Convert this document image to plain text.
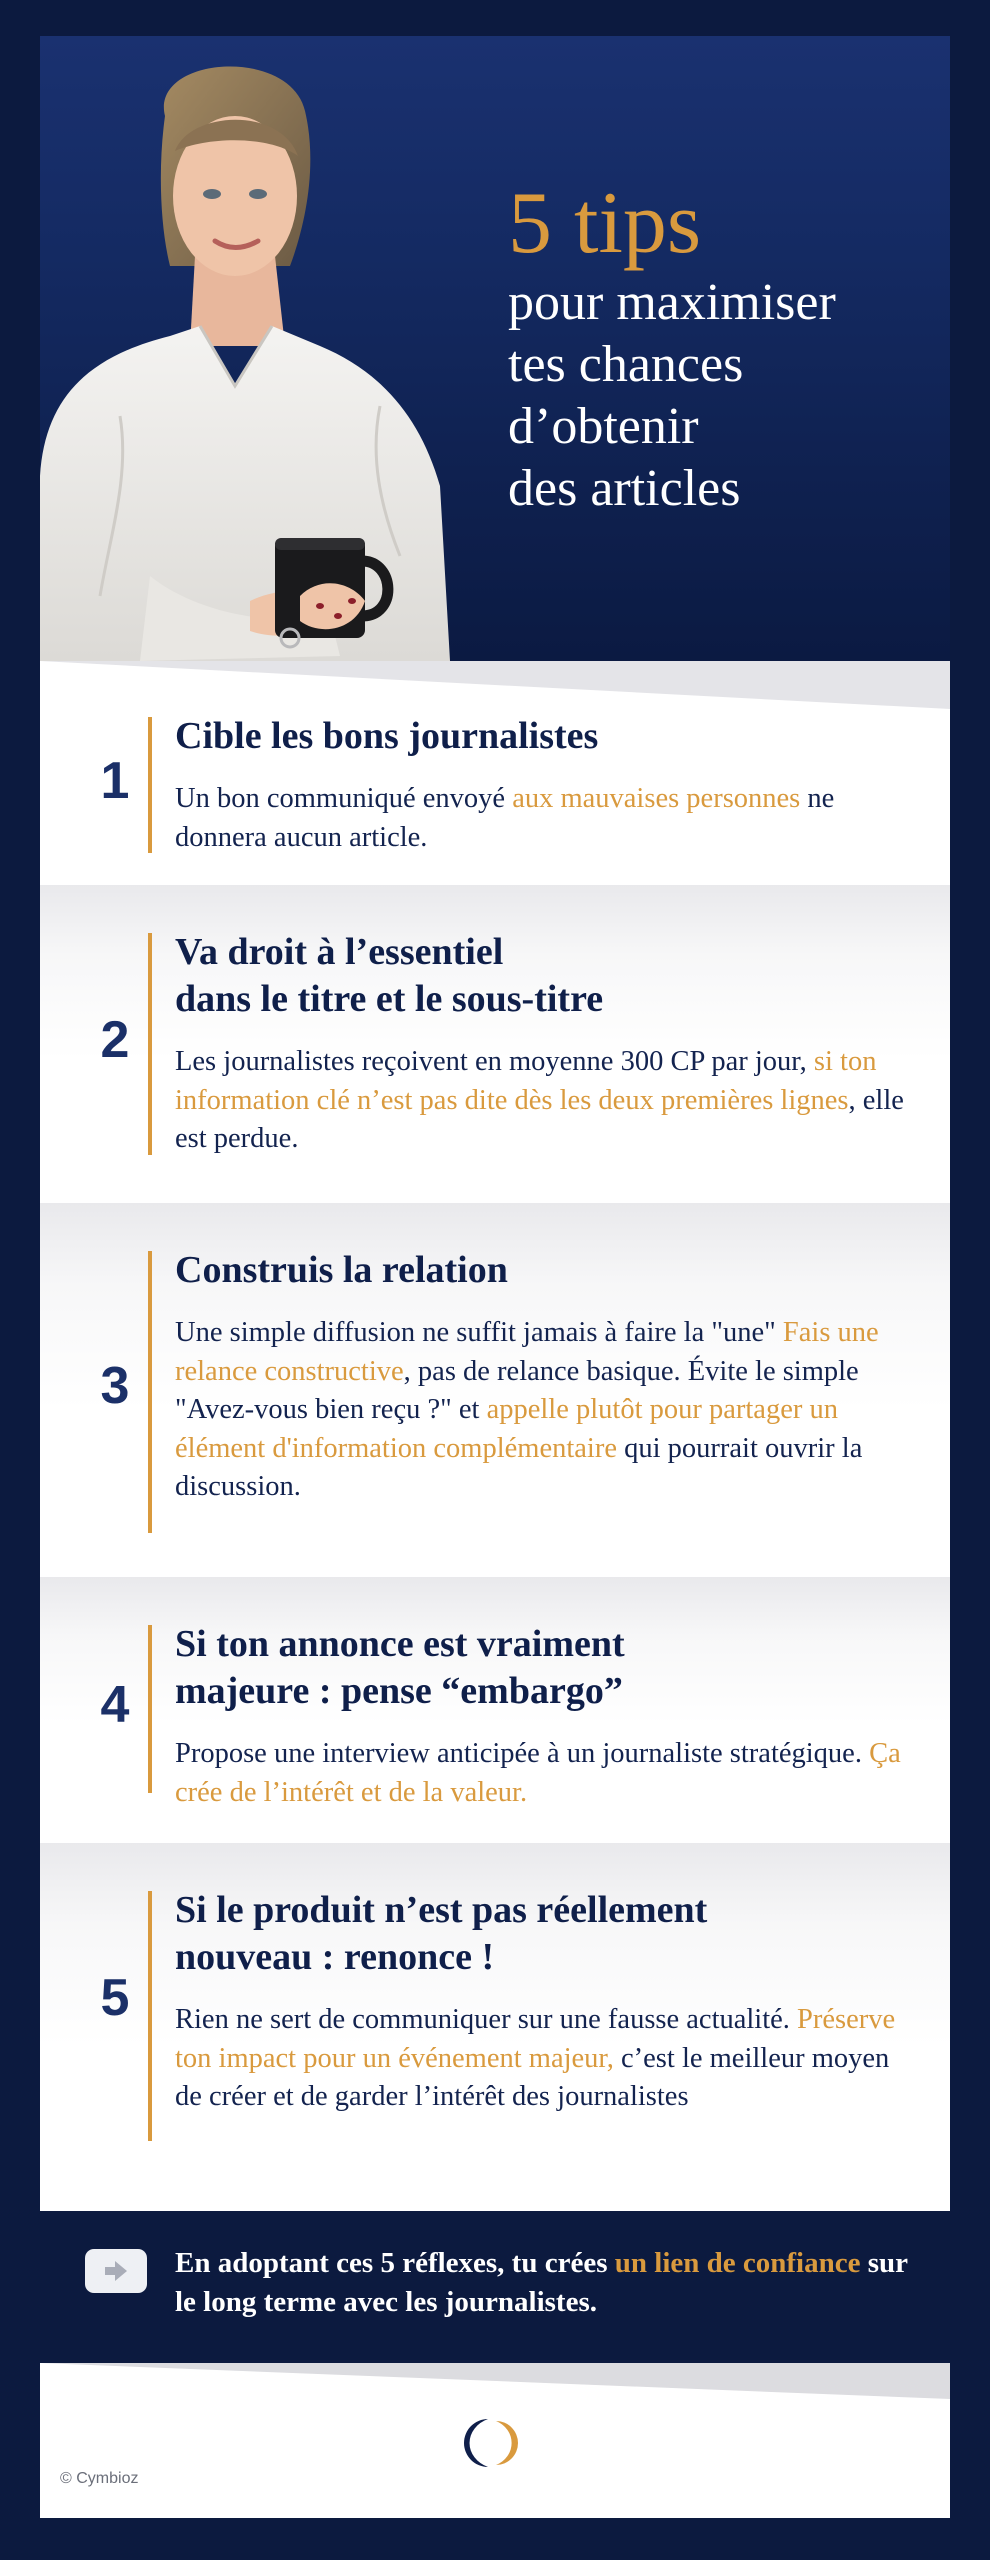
5 tips
pour maximiser
tes chances
d’obtenir
des articles
1
Cible les bons journalistes
Un bon communiqué envoyé aux mauvaises personnes ne donnera aucun article.
2
Va droit à l’essentiel
dans le titre et le sous-titre
Les journalistes reçoivent en moyenne 300 CP par jour, si ton information clé n’est pas dite dès les deux premières lignes, elle est perdue.
3
Construis la relation
Une simple diffusion ne suffit jamais à faire la "une" Fais une relance constructive, pas de relance basique. Évite le simple "Avez-vous bien reçu ?" et appelle plutôt pour partager un élément d'information complémentaire qui pourrait ouvrir la discussion.
4
Si ton annonce est vraiment
majeure : pense “embargo”
Propose une interview anticipée à un journaliste stratégique. Ça crée de l’intérêt et de la valeur.
5
Si le produit n’est pas réellement
nouveau : renonce !
Rien ne sert de communiquer sur une fausse actualité. Préserve ton impact pour un événement majeur, c’est le meilleur moyen de créer et de garder l’intérêt des journalistes
En adoptant ces 5 réflexes, tu crées un lien de confiance sur le long terme avec les journalistes.
© Cymbioz
